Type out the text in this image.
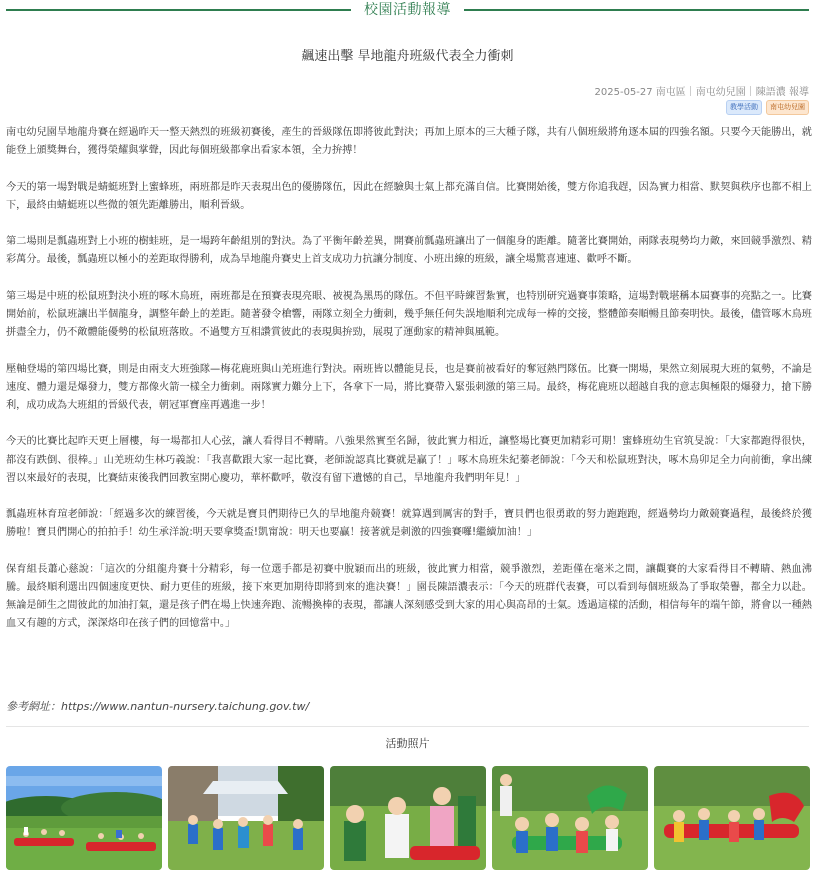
校園活動報導
飆速出擊 旱地龍舟班級代表全力衝刺
2025-05-27 南屯區｜南屯幼兒園｜陳語濃 報導
教學活動	南屯幼兒園

南屯幼兒園旱地龍舟賽在經過昨天一整天熱烈的班級初賽後，產生的晉級隊伍即將彼此對決；再加上原本的三大種子隊，共有八個班級將角逐本屆的四強名額。只要今天能勝出，就能登上頒獎舞台，獲得榮耀與掌聲，因此每個班級都拿出看家本領，全力拚搏！

今天的第一場對戰是蜻蜓班對上蜜蜂班，兩班都是昨天表現出色的優勝隊伍，因此在經驗與士氣上都充滿自信。比賽開始後，雙方你追我趕，因為實力相當、默契與秩序也都不相上下，最終由蜻蜓班以些微的領先距離勝出，順利晉級。

第二場則是瓢蟲班對上小班的樹蛙班，是一場跨年齡組別的對決。為了平衡年齡差異，開賽前瓢蟲班讓出了一個龍身的距離。隨著比賽開始，兩隊表現勢均力敵，來回競爭激烈、精彩萬分。最後，瓢蟲班以極小的差距取得勝利，成為旱地龍舟賽史上首支成功力抗讓分制度、小班出線的班級，讓全場驚喜連連、歡呼不斷。

第三場是中班的松鼠班對決小班的啄木鳥班，兩班都是在預賽表現亮眼、被視為黑馬的隊伍。不但平時練習紮實，也特別研究過賽事策略，這場對戰堪稱本屆賽事的亮點之一。比賽開始前，松鼠班讓出半個龍身，調整年齡上的差距。隨著發令槍響，兩隊立刻全力衝刺，幾乎無任何失誤地順利完成每一棒的交接，整體節奏順暢且節奏明快。最後，儘管啄木鳥班拼盡全力，仍不敵體能優勢的松鼠班落敗。不過雙方互相讚賞彼此的表現與拚勁，展現了運動家的精神與風範。

壓軸登場的第四場比賽，則是由兩支大班強隊—梅花鹿班與山羌班進行對決。兩班皆以體能見長，也是賽前被看好的奪冠熱門隊伍。比賽一開場，果然立刻展現大班的氣勢，不論是速度、體力還是爆發力，雙方都像火箭一樣全力衝刺。兩隊實力難分上下，各拿下一局，將比賽帶入緊張刺激的第三局。最終，梅花鹿班以超越自我的意志與極限的爆發力，搶下勝利，成功成為大班組的晉級代表，朝冠軍寶座再邁進一步！

今天的比賽比起昨天更上層樓，每一場都扣人心弦，讓人看得目不轉睛。八強果然實至名歸，彼此實力相近，讓整場比賽更加精彩可期！蜜蜂班幼生官筑旻說：「大家都跑得很快，都沒有跌倒、很棒。」山羌班幼生林巧義說：「我喜歡跟大家一起比賽，老師說認真比賽就是贏了！」啄木鳥班朱紀蓁老師說：「今天和松鼠班對決，啄木鳥卯足全力向前衝，拿出練習以來最好的表現，比賽結束後我們回教室開心慶功，華杯歡呼，敬沒有留下遺憾的自己，旱地龍舟我們明年見！」

瓢蟲班林育瑄老師說：「經過多次的練習後，今天就是寶貝們期待已久的旱地龍舟競賽！就算遇到厲害的對手，寶貝們也很勇敢的努力跑跑跑，經過勢均力敵競賽過程，最後終於獲勝啦！寶貝們開心的拍拍手！幼生承洋說:明天要拿獎盃!凱甯說：明天也要贏！接著就是刺激的四強賽囉!繼續加油！」

保育組長蕭心慈說：「這次的分組龍舟賽十分精彩，每一位選手都是初賽中脫穎而出的班級，彼此實力相當，競爭激烈，差距僅在毫米之間，讓觀賽的大家看得目不轉睛、熱血沸騰。最終順利選出四個速度更快、耐力更佳的班級，接下來更加期待即將到來的進決賽！」園長陳語濃表示：「今天的班群代表賽，可以看到每個班級為了爭取榮譽，都全力以赴。無論是師生之間彼此的加油打氣，還是孩子們在場上快速奔跑、流暢換棒的表現，都讓人深刻感受到大家的用心與高昂的士氣。透過這樣的活動，相信每年的端午節，將會以一種熱血又有趣的方式，深深烙印在孩子們的回憶當中。」

參考網址：https://www.nantun-nursery.taichung.gov.tw/
活動照片
